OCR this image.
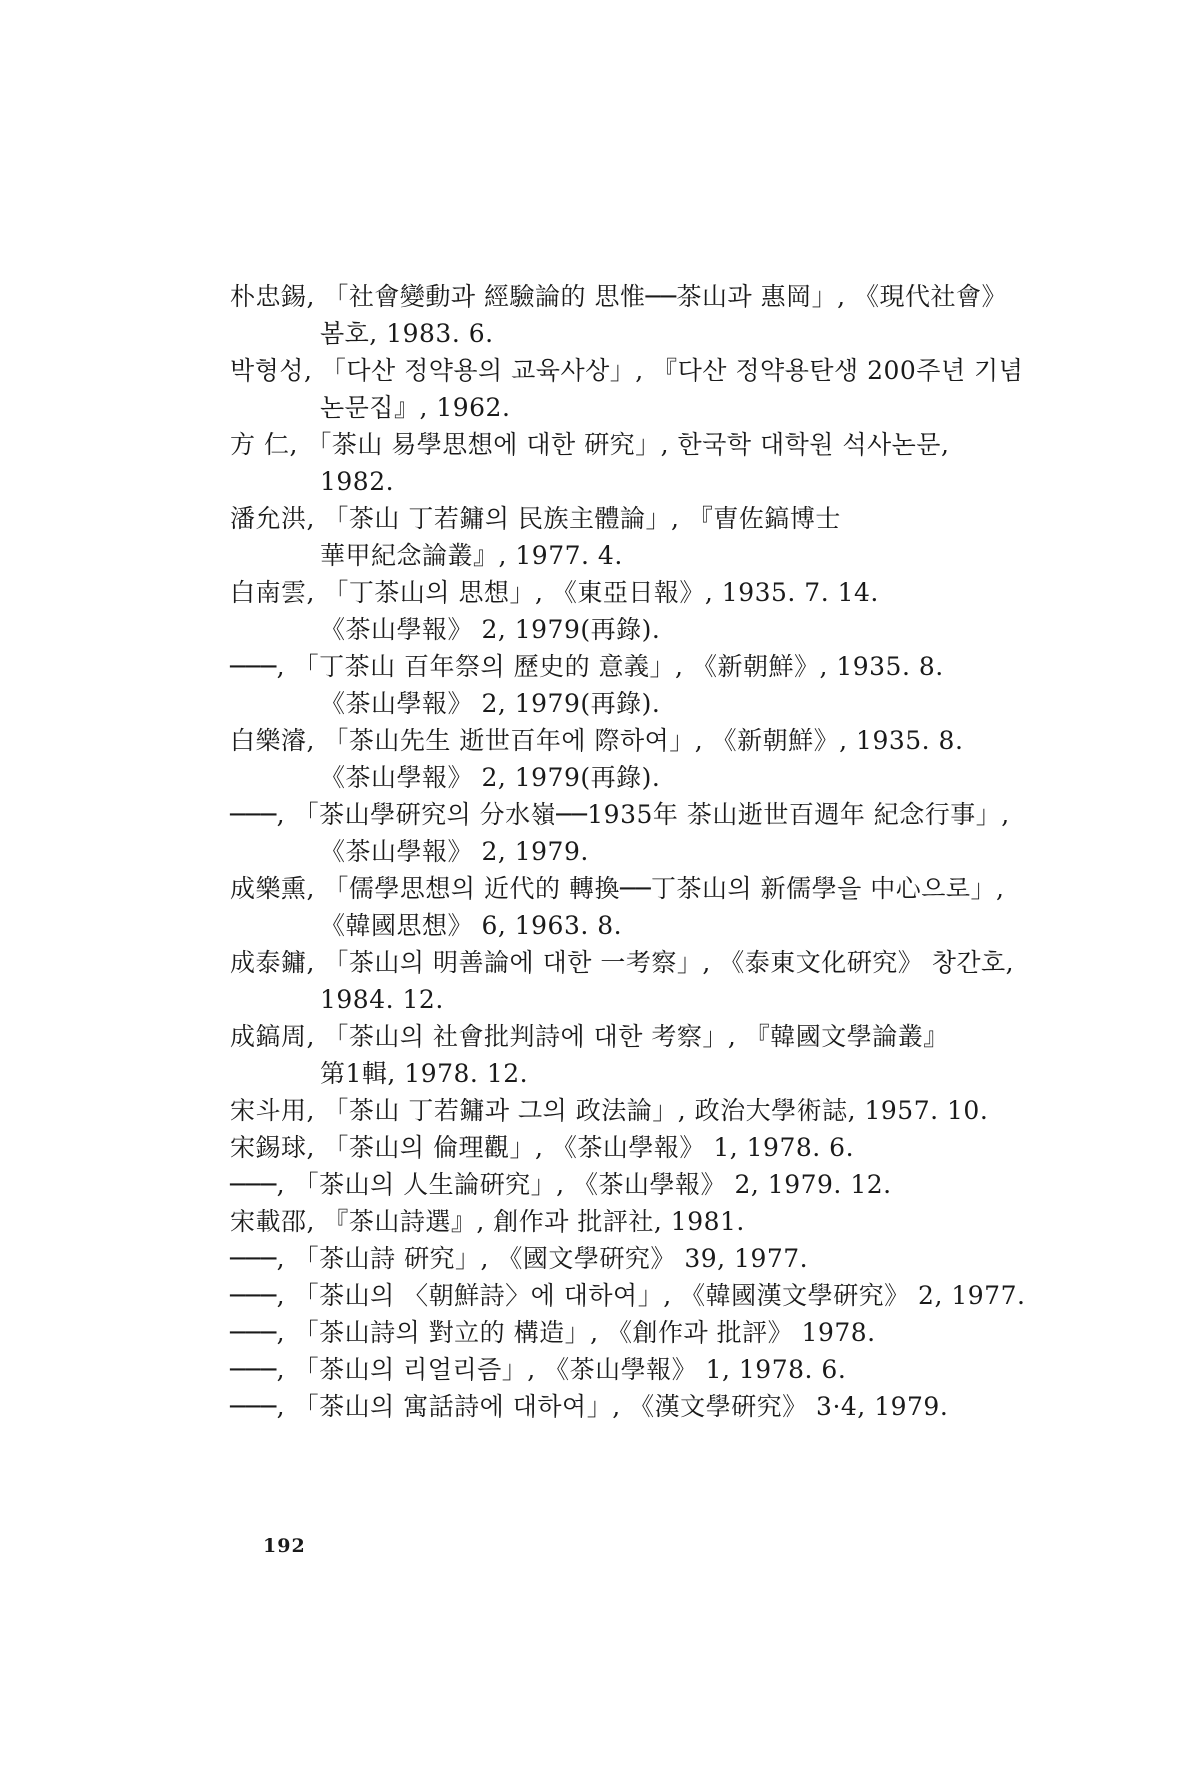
朴忠錫, 「社會變動과 經驗論的 思惟──茶山과 惠岡」, 《現代社會》 봄호, 1983. 6.
박형성, 「다산 정약용의 교육사상」, 『다산 정약용탄생 200주년 기념 논문집』, 1962.
方 仁, 「茶山 易學思想에 대한 硏究」, 한국학 대학원 석사논문, 1982.
潘允洪, 「茶山 丁若鏞의 民族主體論」, 『曺佐鎬博士 華甲紀念論叢』, 1977. 4.
白南雲, 「丁茶山의 思想」, 《東亞日報》, 1935. 7. 14. 《茶山學報》 2, 1979(再錄).
───, 「丁茶山 百年祭의 歷史的 意義」, 《新朝鮮》, 1935. 8. 《茶山學報》 2, 1979(再錄).
白樂濬, 「茶山先生 逝世百年에 際하여」, 《新朝鮮》, 1935. 8. 《茶山學報》 2, 1979(再錄).
───, 「茶山學硏究의 分水嶺──1935年 茶山逝世百週年 紀念行事」, 《茶山學報》 2, 1979.
成樂熏, 「儒學思想의 近代的 轉換──丁茶山의 新儒學을 中心으로」, 《韓國思想》 6, 1963. 8.
成泰鏞, 「茶山의 明善論에 대한 一考察」, 《泰東文化硏究》 창간호, 1984. 12.
成鎬周, 「茶山의 社會批判詩에 대한 考察」, 『韓國文學論叢』 第1輯, 1978. 12.
宋斗用, 「茶山 丁若鏞과 그의 政法論」, 政治大學術誌, 1957. 10.
宋錫球, 「茶山의 倫理觀」, 《茶山學報》 1, 1978. 6.
───, 「茶山의 人生論硏究」, 《茶山學報》 2, 1979. 12.
宋載邵, 『茶山詩選』, 創作과 批評社, 1981.
───, 「茶山詩 硏究」, 《國文學硏究》 39, 1977.
───, 「茶山의 〈朝鮮詩〉에 대하여」, 《韓國漢文學硏究》 2, 1977.
───, 「茶山詩의 對立的 構造」, 《創作과 批評》 1978.
───, 「茶山의 리얼리즘」, 《茶山學報》 1, 1978. 6.
───, 「茶山의 寓話詩에 대하여」, 《漢文學硏究》 3·4, 1979.
192
